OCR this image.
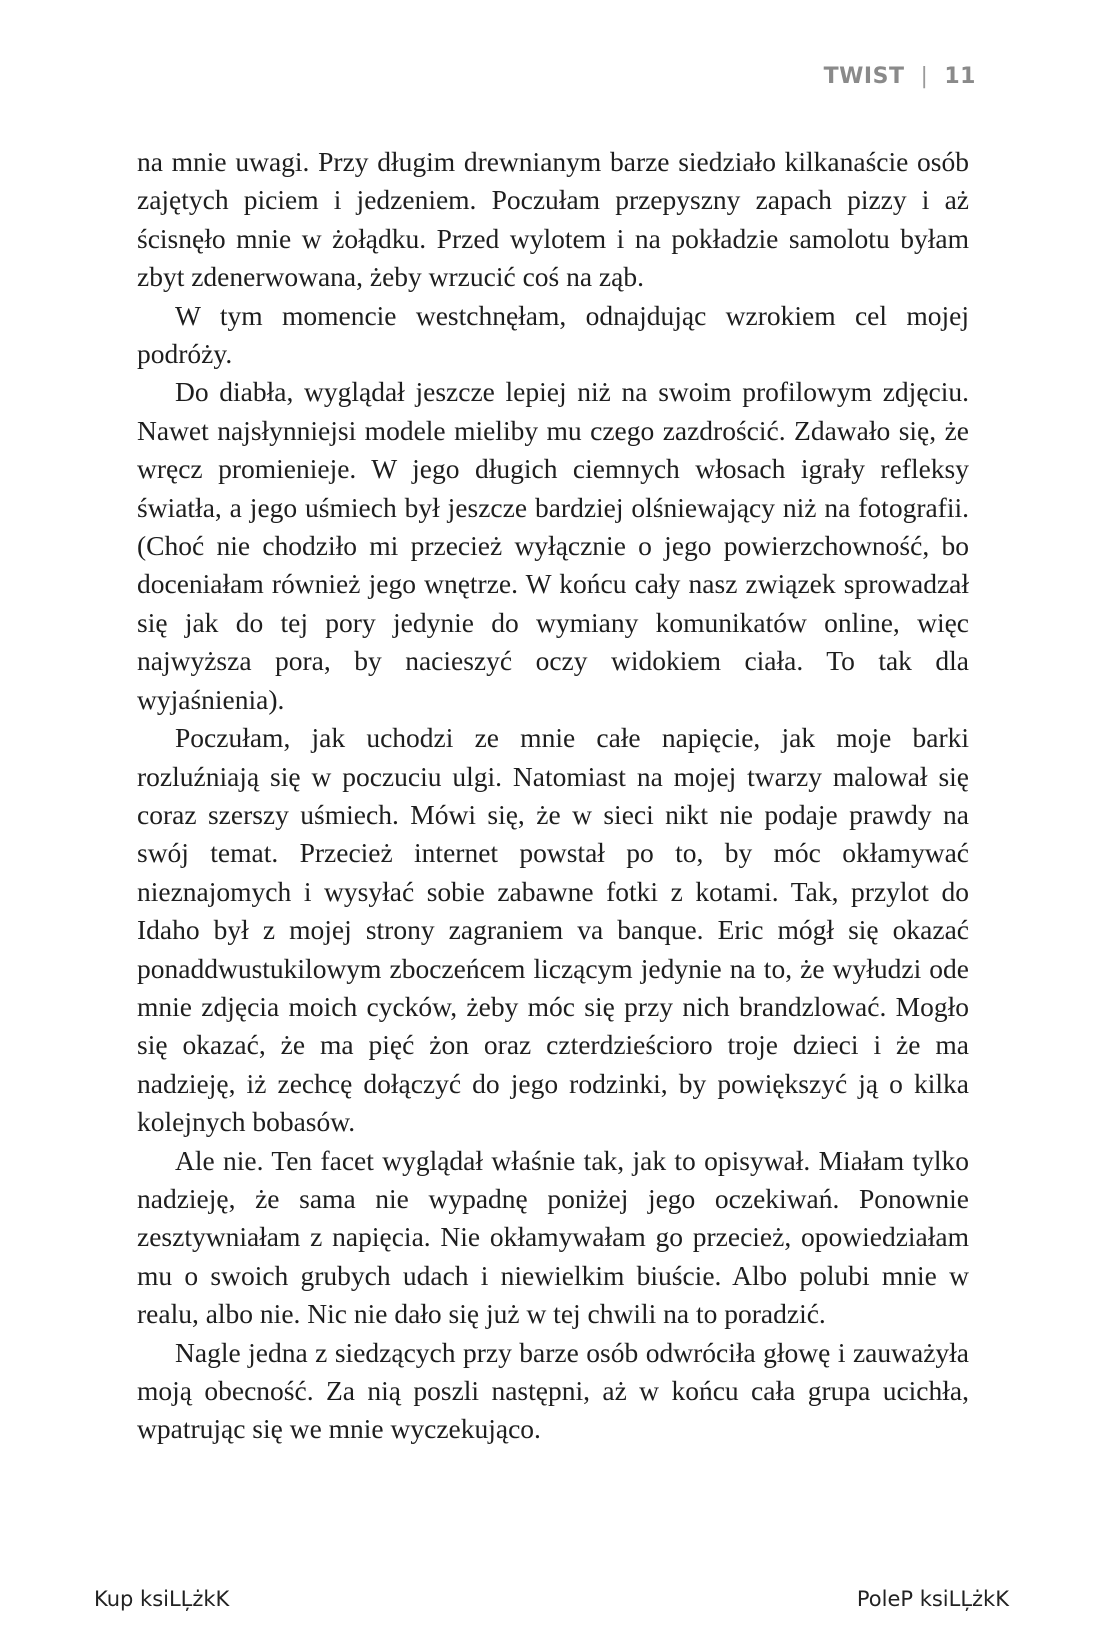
TWIST | 11

na mnie uwagi. Przy długim drewnianym barze siedziało kilkanaście osób zajętych piciem i jedzeniem. Poczułam przepyszny zapach pizzy i aż ścisnęło mnie w żołądku. Przed wylotem i na pokładzie samolotu byłam zbyt zdenerwowana, żeby wrzucić coś na ząb.

W tym momencie westchnęłam, odnajdując wzrokiem cel mojej podróży.

Do diabła, wyglądał jeszcze lepiej niż na swoim profilowym zdjęciu. Nawet najsłynniejsi modele mieliby mu czego zazdrościć. Zdawało się, że wręcz promienieje. W jego długich ciemnych włosach igrały refleksy światła, a jego uśmiech był jeszcze bardziej olśniewający niż na fotografii. (Choć nie chodziło mi przecież wyłącznie o jego powierzchowność, bo doceniałam również jego wnętrze. W końcu cały nasz związek sprowadzał się jak do tej pory jedynie do wymiany komunikatów online, więc najwyższa pora, by nacieszyć oczy widokiem ciała. To tak dla wyjaśnienia).

Poczułam, jak uchodzi ze mnie całe napięcie, jak moje barki rozluźniają się w poczuciu ulgi. Natomiast na mojej twarzy malował się coraz szerszy uśmiech. Mówi się, że w sieci nikt nie podaje prawdy na swój temat. Przecież internet powstał po to, by móc okłamywać nieznajomych i wysyłać sobie zabawne fotki z kotami. Tak, przylot do Idaho był z mojej strony zagraniem va banque. Eric mógł się okazać ponaddwustukilowym zboczeńcem liczącym jedynie na to, że wyłudzi ode mnie zdjęcia moich cycków, żeby móc się przy nich brandzlować. Mogło się okazać, że ma pięć żon oraz czterdzieścioro troje dzieci i że ma nadzieję, iż zechcę dołączyć do jego rodzinki, by powiększyć ją o kilka kolejnych bobasów.

Ale nie. Ten facet wyglądał właśnie tak, jak to opisywał. Miałam tylko nadzieję, że sama nie wypadnę poniżej jego oczekiwań. Ponownie zesztywniałam z napięcia. Nie okłamywałam go przecież, opowiedziałam mu o swoich grubych udach i niewielkim biuście. Albo polubi mnie w realu, albo nie. Nic nie dało się już w tej chwili na to poradzić.

Nagle jedna z siedzących przy barze osób odwróciła głowę i zauważyła moją obecność. Za nią poszli następni, aż w końcu cała grupa ucichła, wpatrując się we mnie wyczekująco.

Kup ksiLĻżkK	PoleP ksiLĻżkK
